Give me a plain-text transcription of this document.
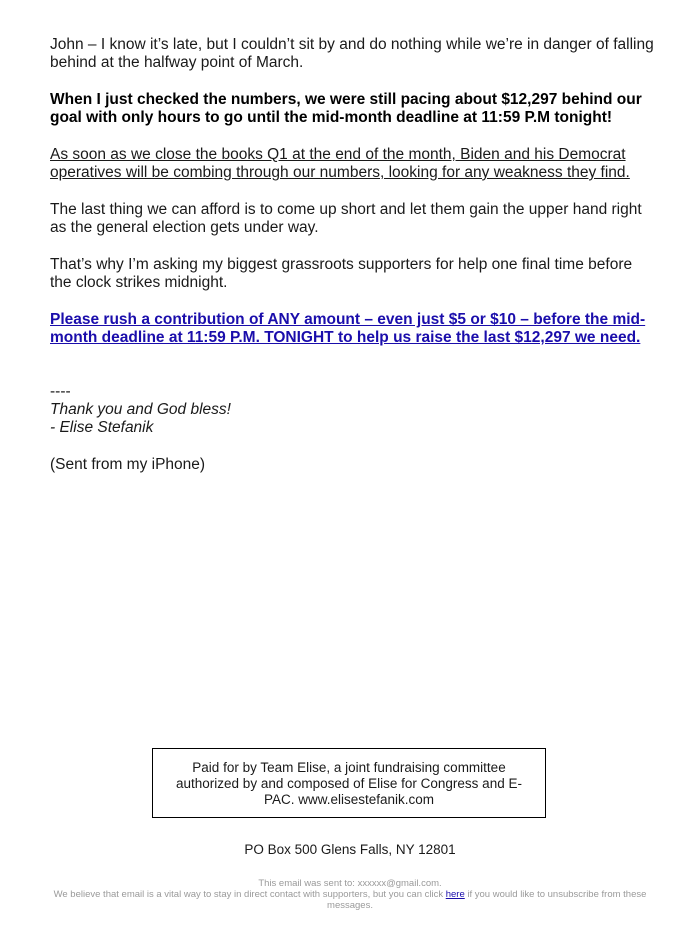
John – I know it’s late, but I couldn’t sit by and do nothing while we’re in danger of falling behind at the halfway point of March.

When I just checked the numbers, we were still pacing about $12,297 behind our goal with only hours to go until the mid-month deadline at 11:59 P.M tonight!

As soon as we close the books Q1 at the end of the month, Biden and his Democrat operatives will be combing through our numbers, looking for any weakness they find.

The last thing we can afford is to come up short and let them gain the upper hand right as the general election gets under way.

That’s why I’m asking my biggest grassroots supporters for help one final time before the clock strikes midnight.

Please rush a contribution of ANY amount – even just $5 or $10 – before the mid-month deadline at 11:59 P.M. TONIGHT to help us raise the last $12,297 we need.

----
Thank you and God bless!
- Elise Stefanik
(Sent from my iPhone)
Paid for by Team Elise, a joint fundraising committee authorized by and composed of Elise for Congress and E-PAC. www.elisestefanik.com
PO Box 500 Glens Falls, NY 12801
This email was sent to: xxxxxx@gmail.com.
We believe that email is a vital way to stay in direct contact with supporters, but you can click here if you would like to unsubscribe from these messages.
